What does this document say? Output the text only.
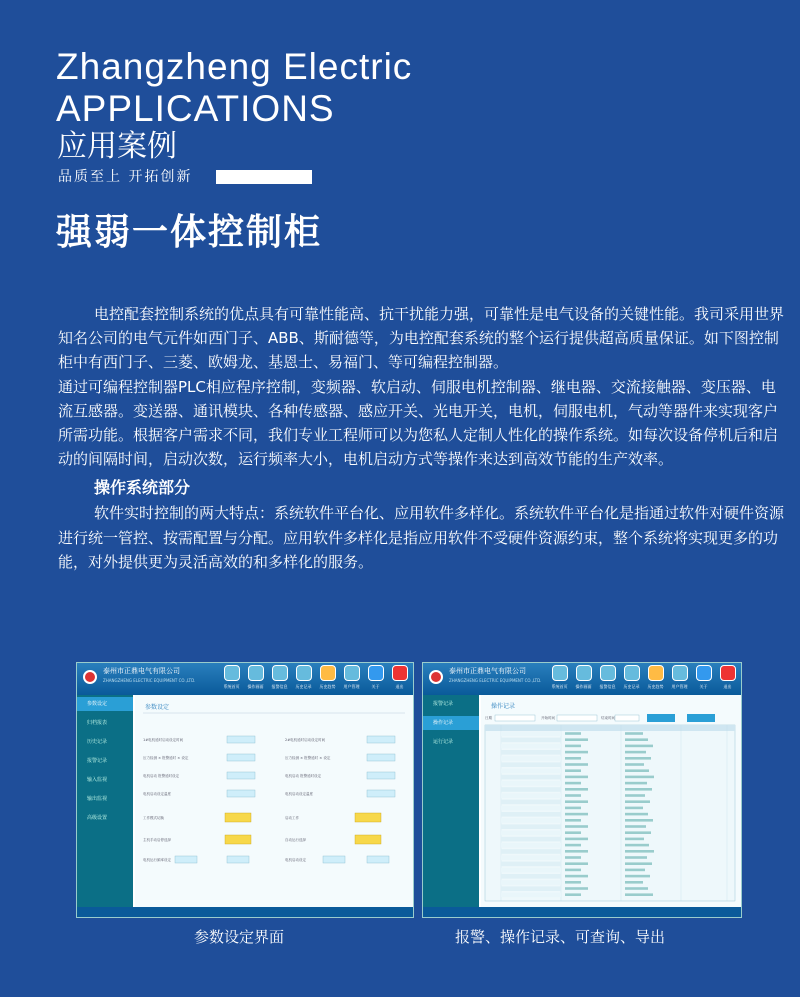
Zhangzheng Electric
APPLICATIONS
应用案例
品质至上 开拓创新
强弱一体控制柜

电控配套控制系统的优点具有可靠性能高、抗干扰能力强，可靠性是电气设备的关键性能。我司采用世界知名公司的电气元件如西门子、ABB、斯耐德等，为电控配套系统的整个运行提供超高质量保证。如下图控制柜中有西门子、三菱、欧姆龙、基恩士、易福门、等可编程控制器。

通过可编程控制器PLC相应程序控制，变频器、软启动、伺服电机控制器、继电器、交流接触器、变压器、电流互感器。变送器、通讯模块、各种传感器、感应开关、光电开关，电机，伺服电机，气动等器件来实现客户所需功能。根据客户需求不同，我们专业工程师可以为您私人定制人性化的操作系统。如每次设备停机后和启动的间隔时间，启动次数，运行频率大小，电机启动方式等操作来达到高效节能的生产效率。

操作系统部分

软件实时控制的两大特点：系统软件平台化、应用软件多样化。系统软件平台化是指通过软件对硬件资源进行统一管控、按需配置与分配。应用软件多样化是指应用软件不受硬件资源约束，整个系统将实现更多的功能，对外提供更为灵活高效的和多样化的服务。

泰州市正鼎电气有限公司
ZHANGZHENG ELECTRIC EQUIPMENT CO.,LTD.
系统首页 操作画面 报警信息 历史记录 历史趋势 用户管理	关于	退出
参数设定
归档报表
历史记录
报警记录
输入监视
输出监视
高级设置
参数设定
1#电机延时启动设定时间	2#电机延时启动设定时间
压力检测 × 报警延时 × 设定	压力检测 × 报警延时 × 设定
电机启动 报警延时设定	电机启动 报警延时设定
电机启动设定温度	电机启动设定温度
工作模式切换	启动工作
主机手动启停选择	自动运行选择
电机运行频率设定	电机启动设定
泰州市正鼎电气有限公司
ZHANGZHENG ELECTRIC EQUIPMENT CO.,LTD.
系统首页 操作画面 报警信息 历史记录 历史趋势 用户管理	关于	退出
报警记录
操作记录
运行记录
操作记录
日期	开始时间	结束时间
参数设定界面	报警、操作记录、可查询、导出
